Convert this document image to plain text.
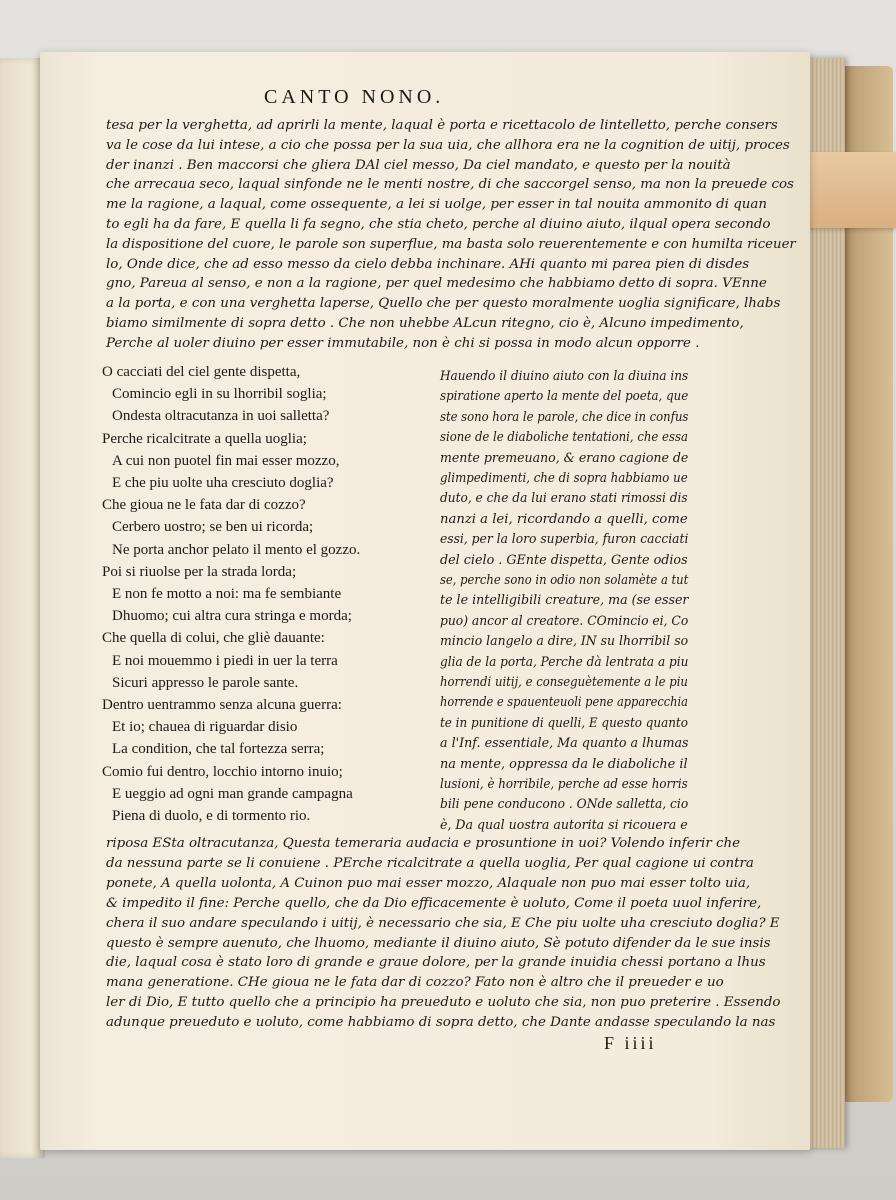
CANTO NONO.
tesa per la verghetta, ad aprirli la mente, laqual è porta e ricettacolo de lintelletto, perche consers
va le cose da lui intese, a cio che possa per la sua uia, che allhora era ne la cognition de uitij, proces
der inanzi . Ben maccorsi che gliera DAl ciel messo, Da ciel mandato, e questo per la nouità
che arrecaua seco, laqual sinfonde ne le menti nostre, di che saccorgel senso, ma non la preuede cos
me la ragione, a laqual, come ossequente, a lei si uolge, per esser in tal nouita ammonito di quan
to egli ha da fare, E quella li fa segno, che stia cheto, perche al diuino aiuto, ilqual opera secondo
la dispositione del cuore, le parole son superflue, ma basta solo reuerentemente e con humilta riceuer
lo, Onde dice, che ad esso messo da cielo debba inchinare. AHi quanto mi parea pien di disdes
gno, Pareua al senso, e non a la ragione, per quel medesimo che habbiamo detto di sopra. VEnne
a la porta, e con una verghetta laperse, Quello che per questo moralmente uoglia significare, lhabs
biamo similmente di sopra detto . Che non uhebbe ALcun ritegno, cio è, Alcuno impedimento,
Perche al uoler diuino per esser immutabile, non è chi si possa in modo alcun opporre .
O cacciati del ciel gente dispetta,
Comincio egli in su lhorribil soglia;
Ondesta oltracutanza in uoi salletta?
Perche ricalcitrate a quella uoglia;
A cui non puotel fin mai esser mozzo,
E che piu uolte uha cresciuto doglia?
Che gioua ne le fata dar di cozzo?
Cerbero uostro; se ben ui ricorda;
Ne porta anchor pelato il mento el gozzo.
Poi si riuolse per la strada lorda;
E non fe motto a noi: ma fe sembiante
Dhuomo; cui altra cura stringa e morda;
Che quella di colui, che gliè dauante:
E noi mouemmo i piedi in uer la terra
Sicuri appresso le parole sante.
Dentro uentrammo senza alcuna guerra:
Et io; chauea di riguardar disio
La condition, che tal fortezza serra;
Comio fui dentro, locchio intorno inuio;
E ueggio ad ogni man grande campagna
Piena di duolo, e di tormento rio.
Hauendo il diuino aiuto con la diuina ins
spiratione aperto la mente del poeta, que
ste sono hora le parole, che dice in confus
sione de le diaboliche tentationi, che essa
mente premeuano, & erano cagione de
glimpedimenti, che di sopra habbiamo ue
duto, e che da lui erano stati rimossi dis
nanzi a lei, ricordando a quelli, come
essi, per la loro superbia, furon cacciati
del cielo . GEnte dispetta, Gente odios
se, perche sono in odio non solamète a tut
te le intelligibili creature, ma (se esser
puo) ancor al creatore. COmincio ei, Co
mincio langelo a dire, IN su lhorribil so
glia de la porta, Perche dà lentrata a piu
horrendi uitij, e conseguètemente a le piu
horrende e spauenteuoli pene apparecchia
te in punitione di quelli, E questo quanto
a l'Inf. essentiale, Ma quanto a lhumas
na mente, oppressa da le diaboliche il
lusioni, è horribile, perche ad esse horris
bili pene conducono . ONde salletta, cio
è, Da qual uostra autorita si ricouera e
riposa ESta oltracutanza, Questa temeraria audacia e prosuntione in uoi? Volendo inferir che
da nessuna parte se li conuiene . PErche ricalcitrate a quella uoglia, Per qual cagione ui contra
ponete, A quella uolonta, A Cuinon puo mai esser mozzo, Alaquale non puo mai esser tolto uia,
& impedito il fine: Perche quello, che da Dio efficacemente è uoluto, Come il poeta uuol inferire,
chera il suo andare speculando i uitij, è necessario che sia, E Che piu uolte uha cresciuto doglia? E
questo è sempre auenuto, che lhuomo, mediante il diuino aiuto, Sè potuto difender da le sue insis
die, laqual cosa è stato loro di grande e graue dolore, per la grande inuidia chessi portano a lhus
mana generatione. CHe gioua ne le fata dar di cozzo? Fato non è altro che il preueder e uo
ler di Dio, E tutto quello che a principio ha preueduto e uoluto che sia, non puo preterire . Essendo
adunque preueduto e uoluto, come habbiamo di sopra detto, che Dante andasse speculando la nas
F iiii
